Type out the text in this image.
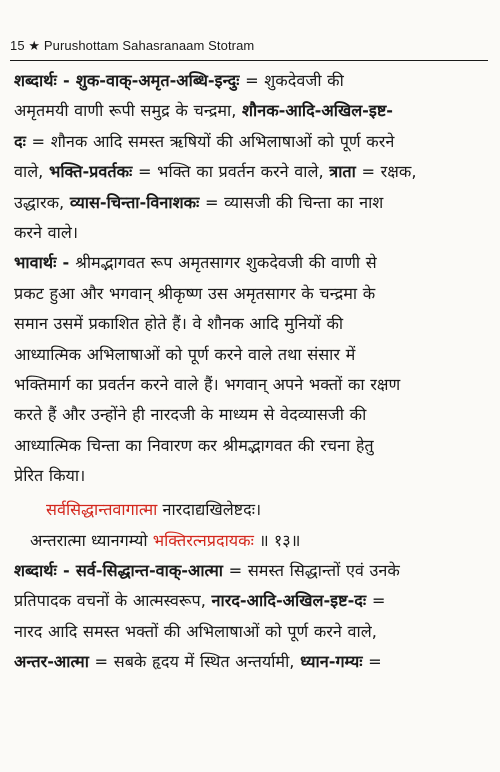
15 ★ Purushottam Sahasranaam Stotram

शब्दार्थः - शुक-वाक्-अमृत-अब्धि-इन्दुः = शुकदेवजी की
अमृतमयी वाणी रूपी समुद्र के चन्द्रमा, शौनक-आदि-अखिल-इष्ट-
दः = शौनक आदि समस्त ऋषियों की अभिलाषाओं को पूर्ण करने
वाले, भक्ति-प्रवर्तकः = भक्ति का प्रवर्तन करने वाले, त्राता = रक्षक,
उद्धारक, व्यास-चिन्ता-विनाशकः = व्यासजी की चिन्ता का नाश
करने वाले।

भावार्थः - श्रीमद्भागवत रूप अमृतसागर शुकदेवजी की वाणी से
प्रकट हुआ और भगवान् श्रीकृष्ण उस अमृतसागर के चन्द्रमा के
समान उसमें प्रकाशित होते हैं। वे शौनक आदि मुनियों की
आध्यात्मिक अभिलाषाओं को पूर्ण करने वाले तथा संसार में
भक्तिमार्ग का प्रवर्तन करने वाले हैं। भगवान् अपने भक्तों का रक्षण
करते हैं और उन्होंने ही नारदजी के माध्यम से वेदव्यासजी की
आध्यात्मिक चिन्ता का निवारण कर श्रीमद्भागवत की रचना हेतु
प्रेरित किया।

सर्वसिद्धान्तवागात्मा नारदाद्यखिलेष्टदः।

अन्तरात्मा ध्यानगम्यो भक्तिरत्नप्रदायकः ॥ १३॥

शब्दार्थः - सर्व-सिद्धान्त-वाक्-आत्मा = समस्त सिद्धान्तों एवं उनके
प्रतिपादक वचनों के आत्मस्वरूप, नारद-आदि-अखिल-इष्ट-दः =
नारद आदि समस्त भक्तों की अभिलाषाओं को पूर्ण करने वाले,
अन्तर-आत्मा = सबके हृदय में स्थित अन्तर्यामी, ध्यान-गम्यः =
